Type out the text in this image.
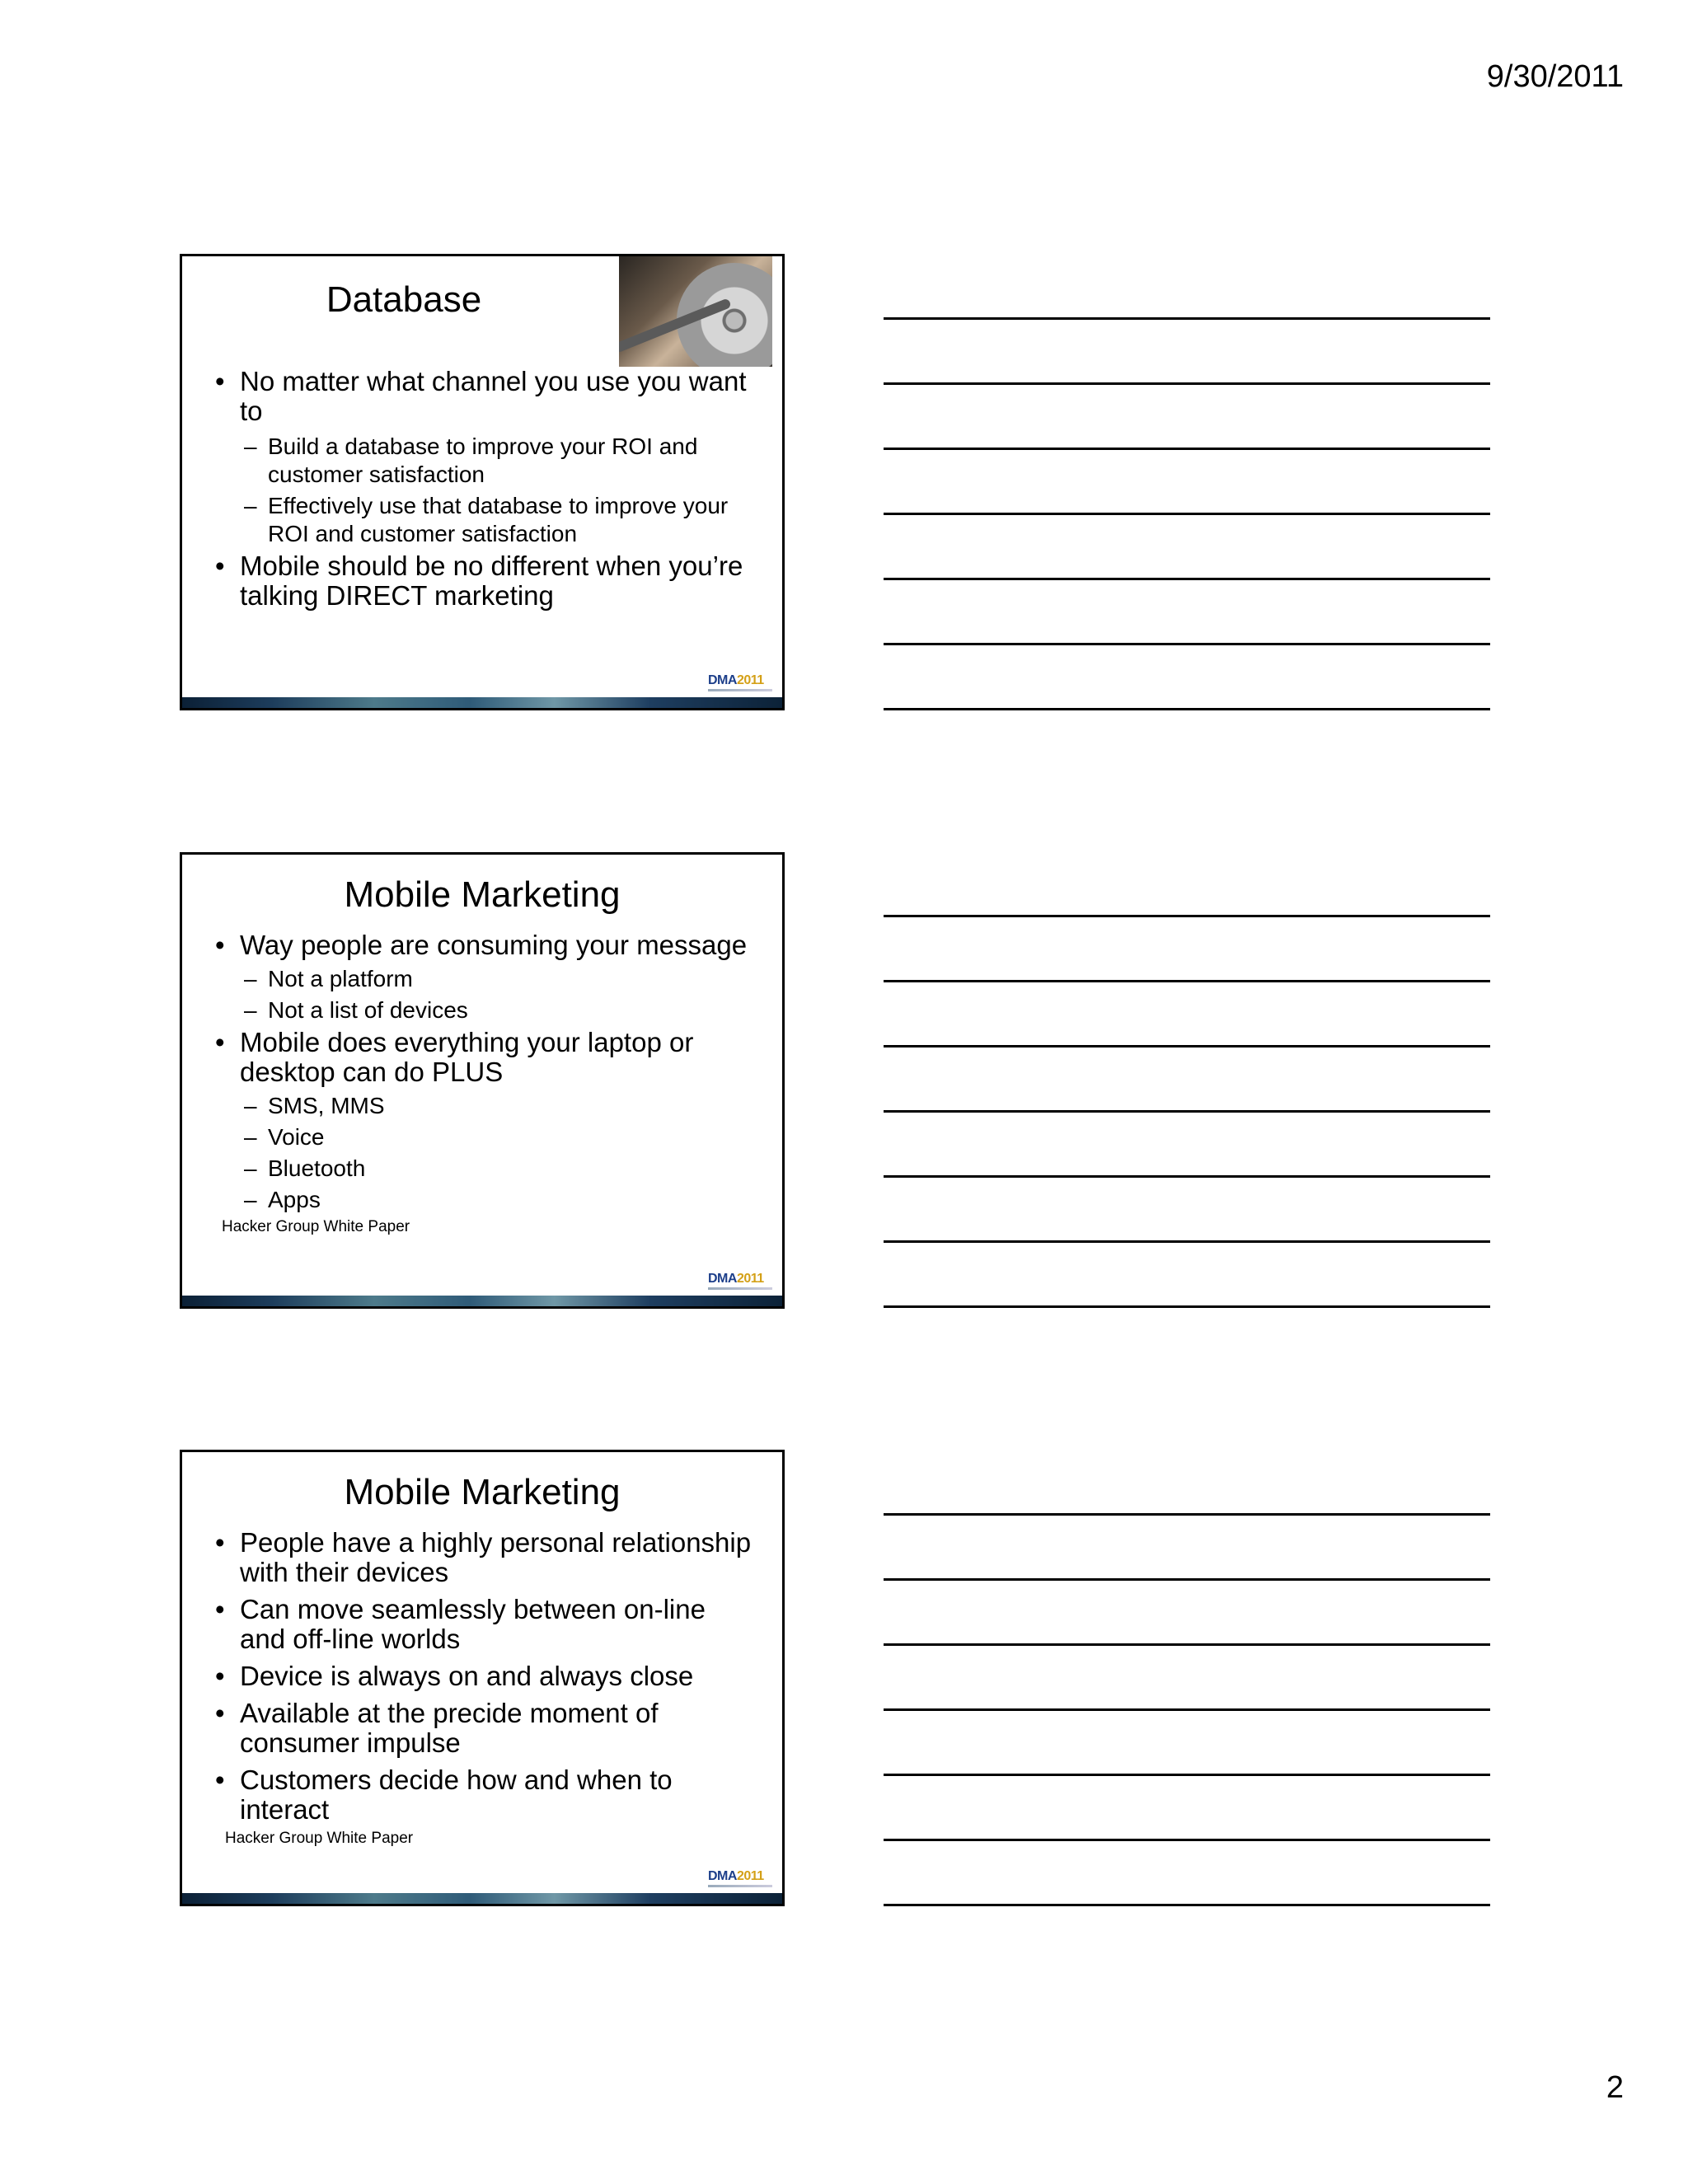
9/30/2011
Database
• No matter what channel you use you want to
– Build a database to improve your ROI and customer satisfaction
– Effectively use that database to improve your ROI and customer satisfaction
• Mobile should be no different when you’re talking DIRECT marketing
DMA2011
Mobile Marketing
• Way people are consuming your message
– Not a platform
– Not a list of devices
• Mobile does everything your laptop or desktop can do PLUS
– SMS, MMS
– Voice
– Bluetooth
– Apps
Hacker Group White Paper
DMA2011
Mobile Marketing
• People have a highly personal relationship with their devices
• Can move seamlessly between on-line and off-line worlds
• Device is always on and always close
• Available at the precide moment of consumer impulse
• Customers decide how and when to interact
Hacker Group White Paper
DMA2011
2
